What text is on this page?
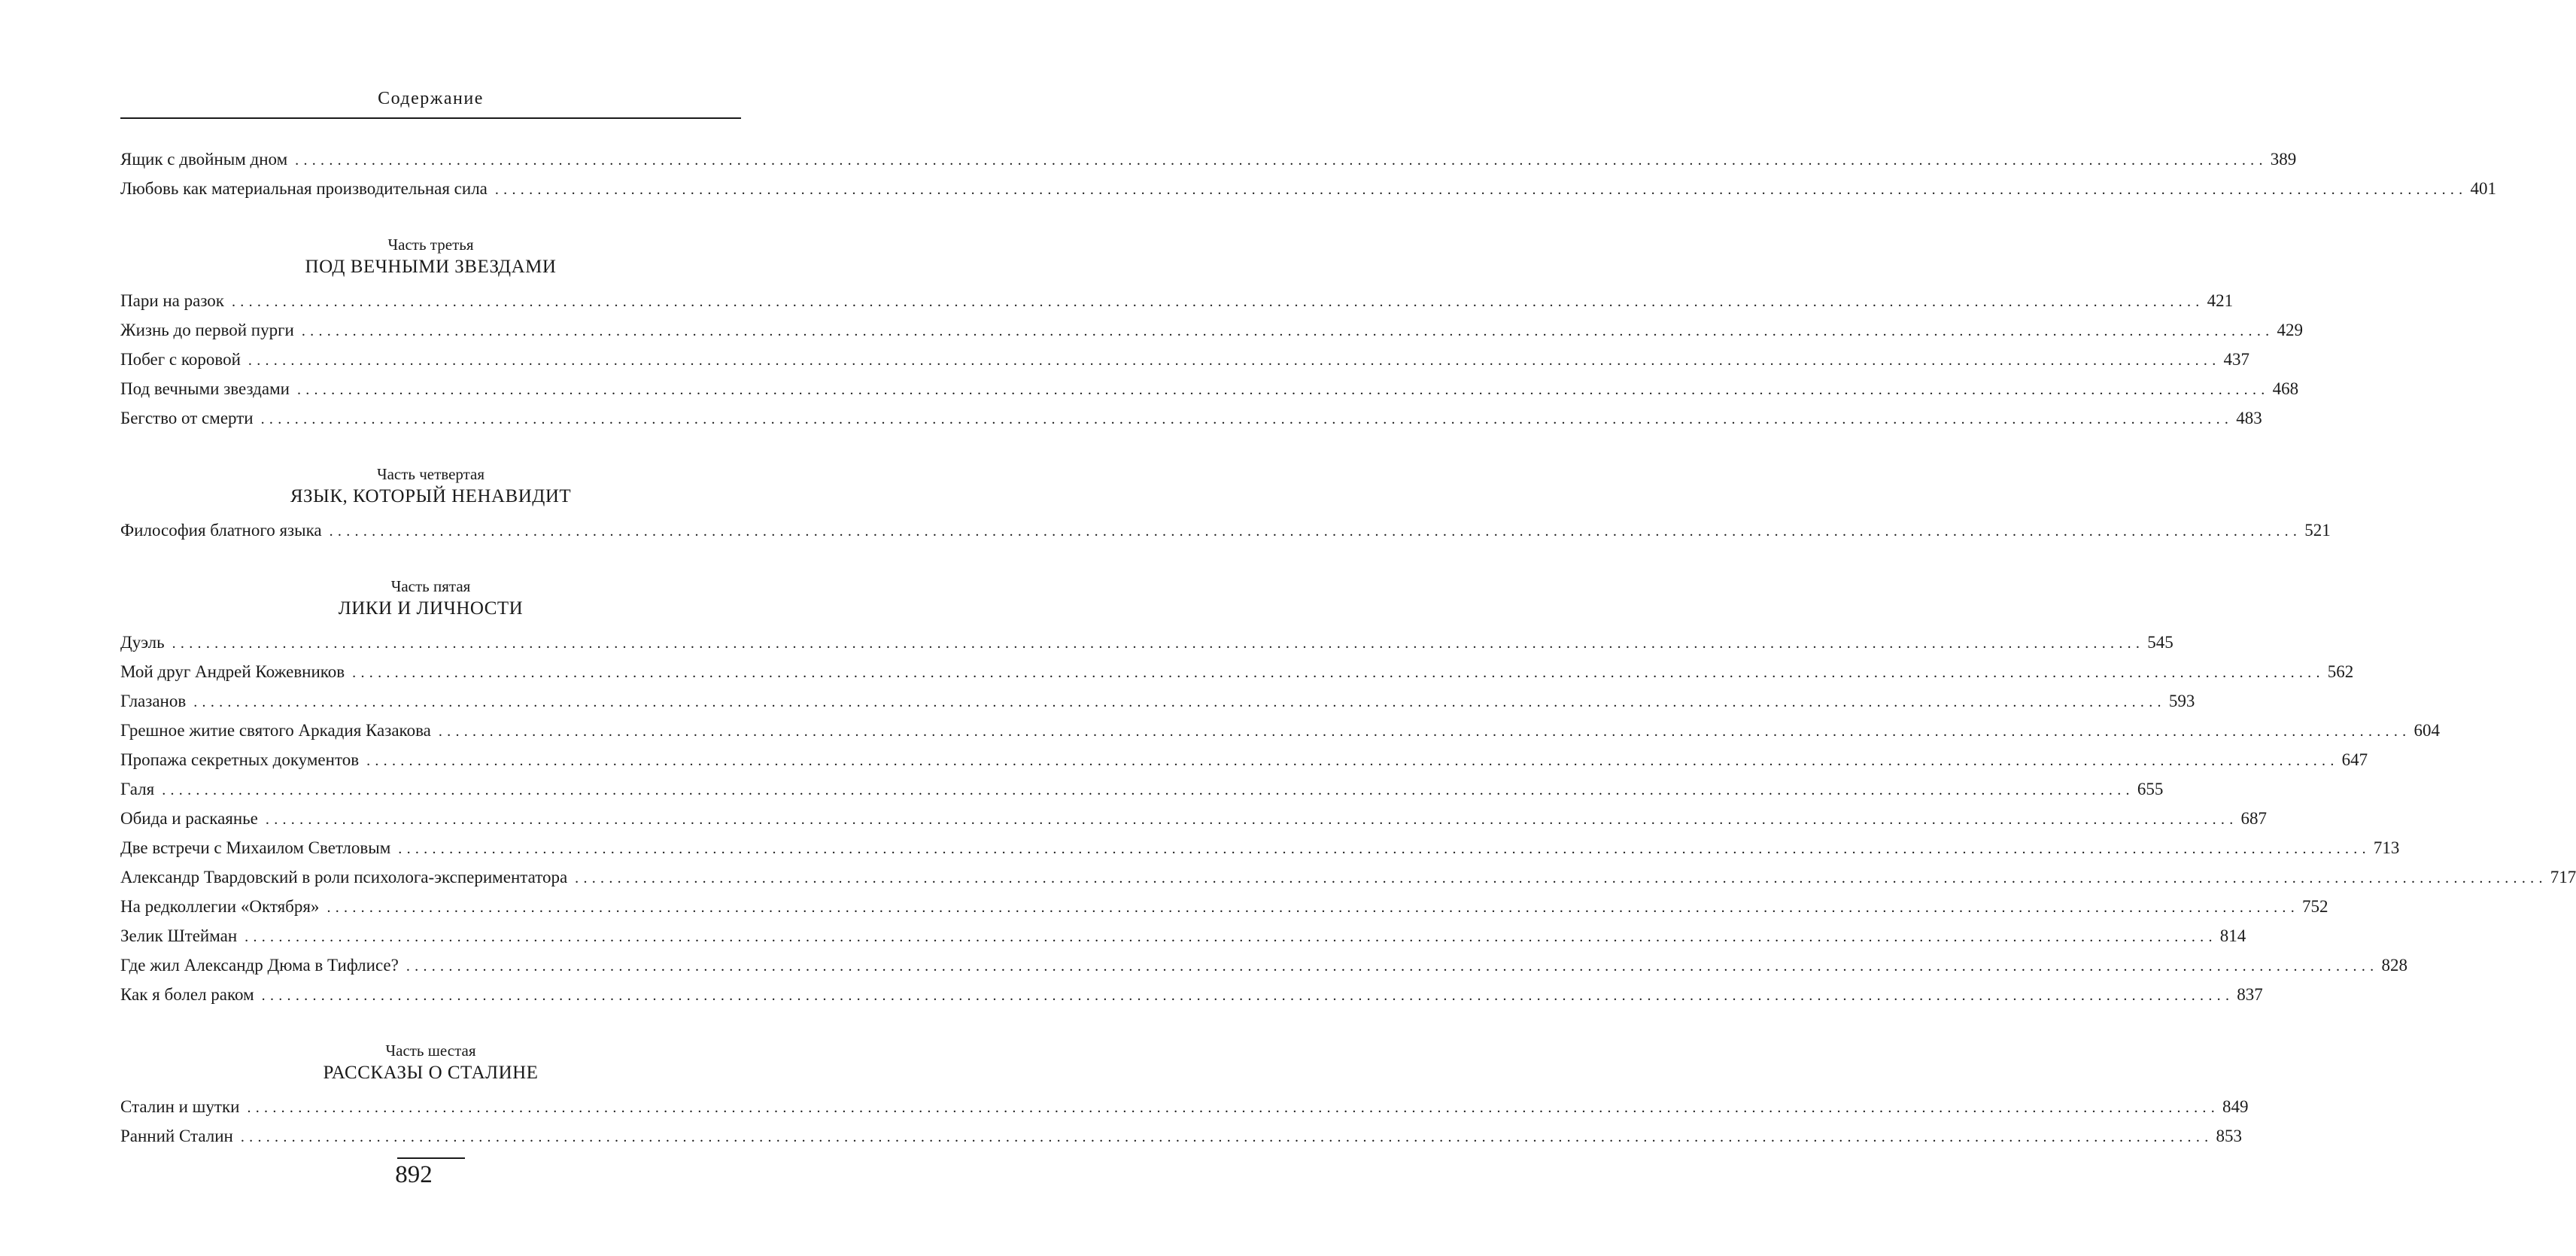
Содержание
Ящик с двойным дном ........................................................................................................................................................................................................................................ 389
Любовь как материальная производительная сила ........................................................................................................................................................................................................................................ 401
Часть третья
ПОД ВЕЧНЫМИ ЗВЕЗДАМИ
Пари на разок ........................................................................................................................................................................................................................................ 421
Жизнь до первой пурги ........................................................................................................................................................................................................................................ 429
Побег с коровой ........................................................................................................................................................................................................................................ 437
Под вечными звездами ........................................................................................................................................................................................................................................ 468
Бегство от смерти ........................................................................................................................................................................................................................................ 483
Часть четвертая
ЯЗЫК, КОТОРЫЙ НЕНАВИДИТ
Философия блатного языка ........................................................................................................................................................................................................................................ 521
Часть пятая
ЛИКИ И ЛИЧНОСТИ
Дуэль ........................................................................................................................................................................................................................................ 545
Мой друг Андрей Кожевников ........................................................................................................................................................................................................................................ 562
Глазанов ........................................................................................................................................................................................................................................ 593
Грешное житие святого Аркадия Казакова ........................................................................................................................................................................................................................................ 604
Пропажа секретных документов ........................................................................................................................................................................................................................................ 647
Галя ........................................................................................................................................................................................................................................ 655
Обида и раскаянье ........................................................................................................................................................................................................................................ 687
Две встречи с Михаилом Светловым ........................................................................................................................................................................................................................................ 713
Александр Твардовский в роли психолога-экспериментатора ........................................................................................................................................................................................................................................ 717
На редколлегии «Октября» ........................................................................................................................................................................................................................................ 752
Зелик Штейман ........................................................................................................................................................................................................................................ 814
Где жил Александр Дюма в Тифлисе? ........................................................................................................................................................................................................................................ 828
Как я болел раком ........................................................................................................................................................................................................................................ 837
Часть шестая
РАССКАЗЫ О СТАЛИНЕ
Сталин и шутки ........................................................................................................................................................................................................................................ 849
Ранний Сталин ........................................................................................................................................................................................................................................ 853
892
